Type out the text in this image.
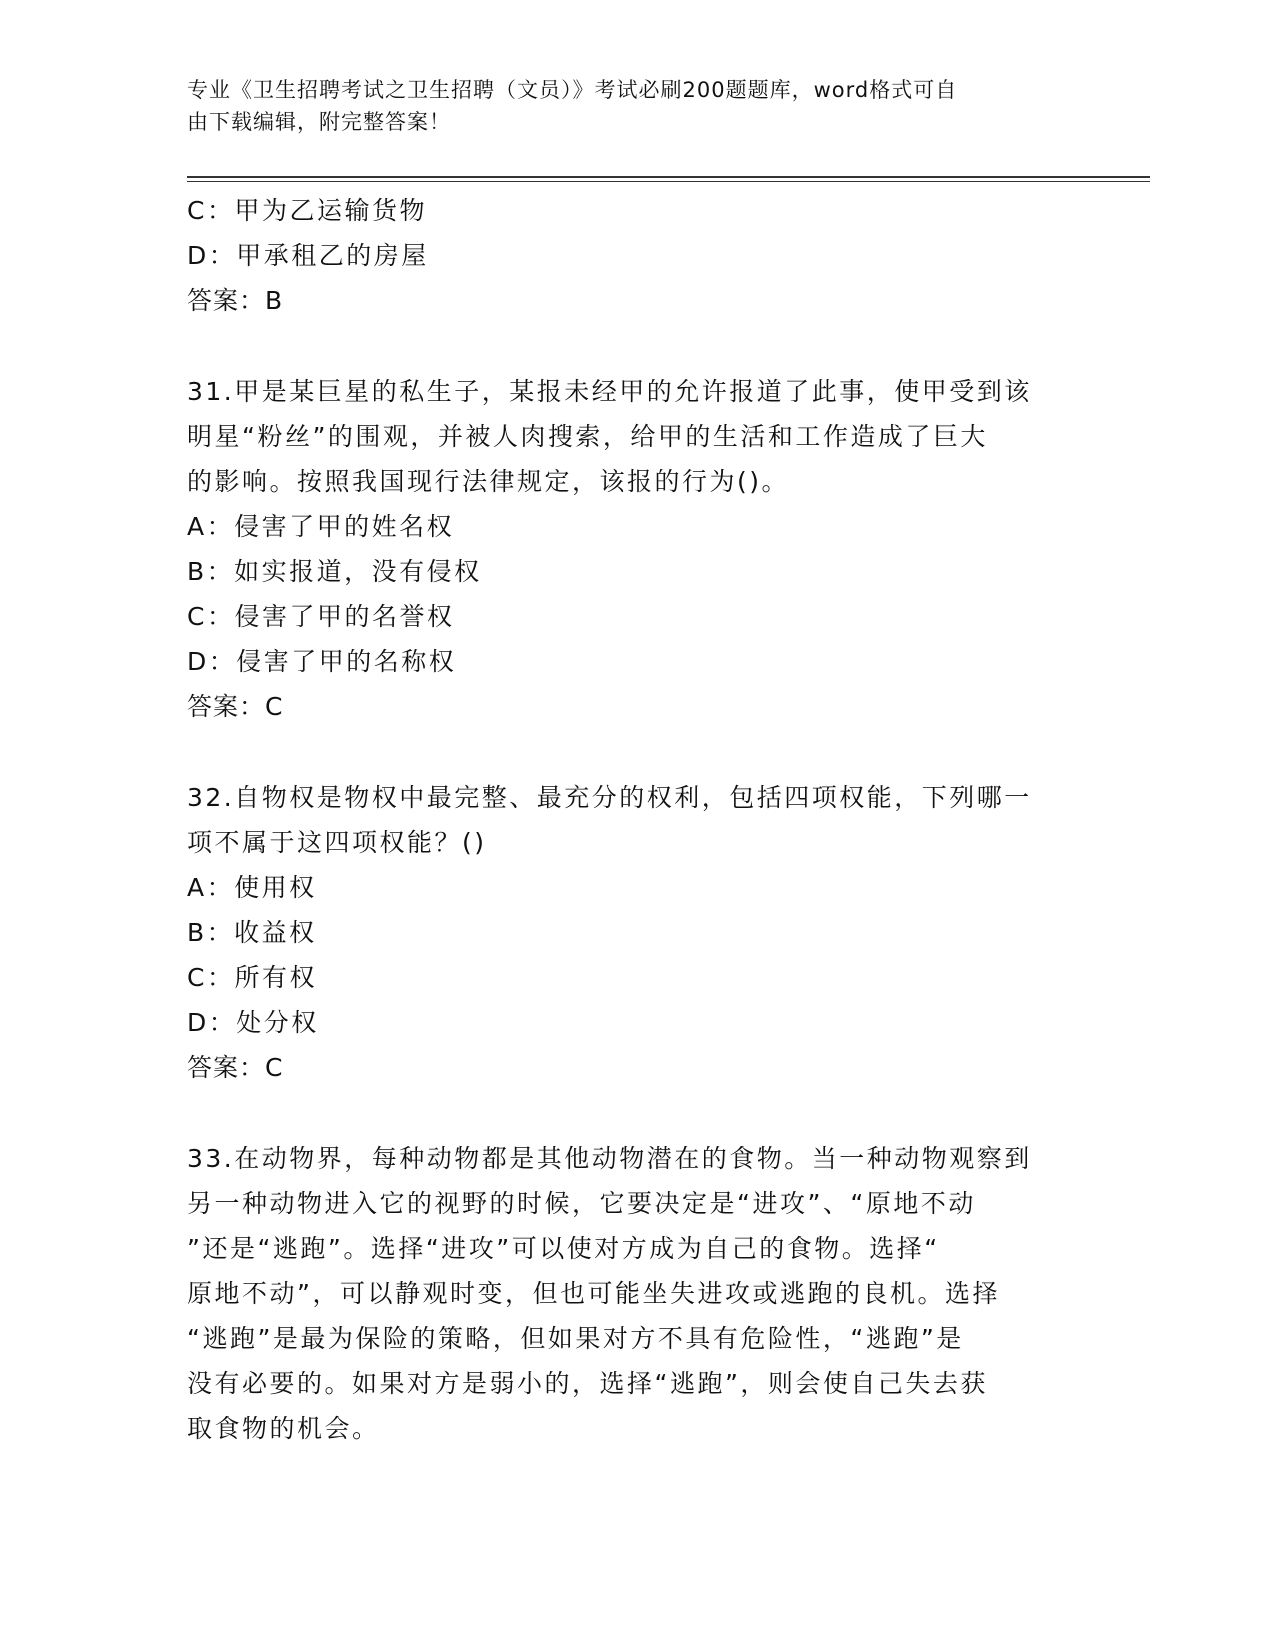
专业《卫生招聘考试之卫生招聘（文员）》考试必刷200题题库，word格式可自
由下载编辑，附完整答案！
C：甲为乙运输货物
D：甲承租乙的房屋
答案：B
31.甲是某巨星的私生子，某报未经甲的允许报道了此事，使甲受到该
明星“粉丝”的围观，并被人肉搜索，给甲的生活和工作造成了巨大
的影响。按照我国现行法律规定，该报的行为()。
A：侵害了甲的姓名权
B：如实报道，没有侵权
C：侵害了甲的名誉权
D：侵害了甲的名称权
答案：C
32.自物权是物权中最完整、最充分的权利，包括四项权能，下列哪一
项不属于这四项权能？()
A：使用权
B：收益权
C：所有权
D：处分权
答案：C
33.在动物界，每种动物都是其他动物潜在的食物。当一种动物观察到
另一种动物进入它的视野的时候，它要决定是“进攻”、“原地不动
”还是“逃跑”。选择“进攻”可以使对方成为自己的食物。选择“
原地不动”，可以静观时变，但也可能坐失进攻或逃跑的良机。选择
“逃跑”是最为保险的策略，但如果对方不具有危险性，“逃跑”是
没有必要的。如果对方是弱小的，选择“逃跑”，则会使自己失去获
取食物的机会。
